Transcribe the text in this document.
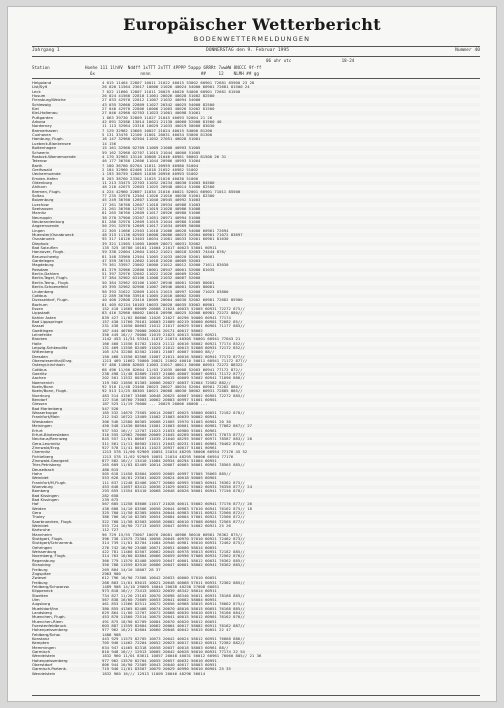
Europäischer Wetterbericht
BODENWETTERMELDUNGEN
Jahrgang 1	DONNERSTAG den 9. Februar 1995	Nummer 40
06 uhr utc                    18-24
Station              Hoehe 111 1lhVV  Nddff 1xTTT 2xTTT 4PPPP 5appp 6RRRt 7wwWW 8NCCC 9f-ff
6x                  nnnn                    ##     12    NLMH ## gg
Helgoland	4 015 11464 22807 10011 21022 40015 53002 60901 72681 85900 23 28
List/Sylt	26 020 11564 23017 10006 21026 40024 54000 60901 72681 81500 24
Leck	7 022 11660 12807 11011 20029 40026 54000 60901 72681 81500
Husum	26 024 41560 22810 11001 20026 40028 51002 82500
Flensburg/Weiche	27 033 42970 22812 11007 21032 40094 54000
Schleswig	43 035 32660 22809 11027 20342 40025 54000 82500
Kiel	27 046 42970 22806 10006 21003 40026 52002 81500
Kiel-Holtenau	27 046 42960 02703 11023 21001 40098 51001
Puttgarden	1 063 39730 32809 11027 21045 40093 52004 21 26
Arkona	42 091 32586 13014 10021 21130 40060 52000 81500 40
Norderney	11 113 32964 23316 10029 21033 40019 50000 83030
Bremerhaven	7 129 32962 13605 10027 21024 40015 54000 81200
Cuxhaven	5 131 33476 12106 11001 20031 40034 53000 81300
Hamburg, Flugh.	16 147 32960 02504 11032 27051 40028 51001
Luebeck-Blankensee	14 156
Boltenhagen	15 161 32960 02709 11009 21008 40993 51005
Schwerin	59 162 32960 02707 11015 21044 40000 51005
Rostock-Warnemuende	4 170 32963 13116 10008 21046 40981 50003 81500 26 31
Teterow	46 177 36760 12606 11044 20906 40993 51004
Barth	7 180 36760 02704 11011 20959 40980 51004
Greifswald	2 184 32960 02406 11018 21052 40982 51002
Ueckermuende	1 193 36759 12605 11036 20956 40993 51002
Emden-Hafen	8 203 38760 23302 11025 21028 40030 51000
Oldenburg	11 213 33475 22703 11032 20234 40030 51003 84500
Ahlhorn	48 216 42675 22603 11025 20948 40014 51000 82500
Bremen, Flugh.	4 224 42960 22607 11034 21016 40021 52001 60901 71011 85500
Soltau	77 235 32970 12504 11026 21016 40030 51001 82300
Boizenburg	45 249 36760 12607 11040 20945 40992 51003
Luechow	17 261 36760 12607 11018 20934 40988 51003
Seehausen	21 261 36760 12707 11019 21028 40986 51008
Marnitz	81 265 36760 12609 11017 20926 40980 51006
Neuruppin	38 270 37900 23207 11051 20971 40994 51000
Neubrandenburg	81 280 32970 12609 11019 21044 40980 51008
Angermuende	56 291 32970 12609 11017 21034 40989 50000
Lingen	22 305 11666 12503 11018 21006 40028 54000 60901 72694
Muenster/Osnabrueck	48 315 11136 62503 10008 20006 40023 52004 60901 71072 83697
Osnabrueck	95 317 18126 13403 10034 21001 40033 52001 60901 81630
Diepholz	39 321 11565 11005 10069 20071 40031 52002
Bad Salzuflen	135 325 16780 10101 11004 21017 40023 53001 60911
Hannover, Flugh.	59 338 22004 12604 11012 21021 40018 52003 74444 876/
Braunschweig	81 348 33960 12504 11005 21033 40020 52001 80001
Gardelegen	47 359 36743 12602 11018 21020 40009 52003
Magdeburg	79 361 33957 23002 10000 21012 40012 52000 71611 83030
Potsdam	81 379 32966 22806 10001 20947 40001 52000 81035
Berlin-Dahlem	51 397 32976 32602 11022 21026 40009 52002
Berlin-Tegel, Flugh.	37 384 32962 03106 11008 21032 40087 52000
Berlin-Temp., Flugh.	50 384 32962 03106 11007 20946 40001 52005 80001
Berlin-Schoenefeld	49 395 32962 02906 11007 20946 40001 52005 80001
Lindenberg	98 393 31622 32809 11015 21015 40997 52000 71023 83800
Cottbus	12 289 36760 33910 11005 21016 40002 52005
Duesseldorf, Flugh.	40 400 22808 23410 10009 20004 40030 52002 60981 72682 85900
Bochum	81 405 62134 10103 10033 20020 40035 53002 60901
Essen	152 410 11665 60009 20008 21024 40033 52005 60931 72272 875//
Lippstadt	83 416 32960 60002 10018 20996 40025 52008 60981 72272 880//
Kahler Asten	839 427 11/02 80606 11026 21027 40296 50000 60941 77174
Bad Lippspringe	157 430 11760 70101 10003 21009 40219 50000 60901 72682 85//
Kassel	231 438 11650 80603 11012 21017 40029 55001 60901 71177 885//
Goettingen	167 444 46760 70000 20024 20171 40017 58002
Leinefelde	356 449 18/// 70000 11019 21023 40013 58002 60921
Brocken	1142 453 11/51 93341 11072 21074 48305 50001 60941 77043 21
Halle	166 460 11556 81702 11024 21112 40016 58002 60921 77174 852//
Leipzig-Schkeuditz	131 469 11556 82409 11020 21012 40013 52008 60931 72172 852//
Wittenberg	105 474 32288 82502 11001 21007 40007 50000 88//
Dresden	150 468 11556 82506 11007 21011 40016 58002 60941 77172 877//
Oberwiesenthal/Erzg.	1213 469 11662 70000 20021 21002 40010 50011 60941 71172 877//
Ostergr-kirchhain	97 480 11860 82805 11003 21017 40011 50000 60951 72272 88322
Cottbus	68 496 11/60 82604 11/03 21035 40008 52003 60941 77172 872//
Goerlitz	238 498 11/48 82809 11037 21060 40007 50007 60951 71172 877//
Aachen	202 501 11532 80305 10016 20015 40009 53002 60941 71096 886//
Noervenich	119 502 11656 81303 10006 20027 40037 52004 72582 882//
Koeln/Bonn	92 510 11/48 23400 20023 20027 40034 52004 60901 72282 880//
Koeln/Bonn, Flugh.	92 513 11/25 80305 10021 20008 40030 50002 60931 72885 885//
Nuerburg	483 514 41567 33606 10048 20025 40007 56002 60901 72272 885//
Bendorf	127 516 16760 73003 10062 20003 40997 51001 60901
Giessen	187 525 11/19 70000 ... 20029 20006 40008 ...
Bad Marienberg	547 526
Wasserkuppe	185 532 14670 73505 10014 20007 40025 58000 60051 72182 878//
Frankfurt/Main	212 542 16722 13409 11002 21003 40039 50002 60941
Wiesbaden	306 546 12580 80305 10008 21005 19970 51003 60901 20 30
Meiningen	450 548 11430 80504 11001 21003 40001 56004 60981 77082 867// 27
Erfurt	937 552 16/// 12707 11023 21033 40980 55001 60961
Erfurt-Bindersleben	316 555 12962 70000 20009 21045 40289 56001 60971 77073 877//
Neuhaus/Rennweg	845 557 11/01 80607 11035 21040 48295 56007 60971 78587 883// 28
Gera-Leumnitz	311 561 11/11 80502 11011 21043 40231 51001 60961 70462 876//
Zinnwald/Erzg.	927 578 11/41 80101 11023 20937 40017 51001 60961
Chemnitz	1213 578 11/00 92909 10051 21034 48295 56006 60954 77176 45 52
Fichtelberg	1213 578 11/02 92909 10051 21034 48295 56006 60954 77176
Zinnwald-Georgenf.	877 582 16/// 13410 11084 20934 40294 51004 60951
Trier-Petrisberg	265 609 11/03 82409 10014 20007 40065 56001 60901 78565 885//
Deuselbach	480 615
Hahn	505 618 11450 82604 10059 20005 40997 57005 76065 885//
Weinbiet	553 626 16/01 23501 10025 20024 40018 50005 60901
Frankfurt/M,Flugh.	111 637 11248 82406 10077 20060 40995 55003 60941 76362 875//
Wuerzburg	453 648 11657 83412 10036 21029 40032 55002 60931 76356 877// 24
Bamberg	293 655 11354 83410 10068 20048 40026 56001 60941 77156 878//
Bad Kissingen	282 658
Bad Kissingen	239 675
Hof	567 685 11258 83606 11017 21028 40011 55002 60941 77176 877// 26
Weiden	438 688 14/10 83506 10058 20044 40983 57010 60941 76162 875// 18
Gera	325 700 11/50 82305 10054 20044 40983 53011 60921 72566 872//
Tholey	386 706 16/10 82305 10054 20004 40004 57001 60921 72566 872//
Saarbruecken, Flugh.	322 708 11/58 82503 10058 20002 40010 57008 60901 72565 877//
Weinbiet	553 724 16/90 72713 10055 20047 40994 54002 60921 25 26
Karlsruhe	112 727
Mannheim	96 729 15/55 73007 10076 20081 40986 56010 60981 76362 875//
Stuttgart, Flugh.	396 738 11575 72304 10058 20045 40970 57010 60921 72462 873//
Stuttgart/Schnarrenb.	314 739 11/01 82704 11084 20946 40981 56010 60931 72462 875//
Oehringen	276 742 16/90 23408 10071 20051 40000 58014 60051
Weissenburg	422 781 11460 82507 10062 20045 40978 56013 60951 72182 885//
Nuernberg, Flugh.	314 763 16/00 82804 10066 20059 40996 57008 60931 72562 876//
Regensburg	366 779 11570 82408 10059 20047 40001 58012 60031 76362 885//
Straubing	350 788 11559 82910 10086 20047 40001 58002 60941 76362 885//
Freiburg	269 804 14/10 18007 28 37
Zugspitze	2963 900
Zwiesel	612 796 16/90 72508 10042 20033 40000 57010 60051
Freiburg	268 803 11/01 83013 10021 20048 40068 57011 60931 72362 885//
Feldberg/Schwarzw.	1489 908 14/10 29009 10044 20038 48250 57008 60051
Klippeneck	973 818 16/// 72413 10032 20039 48342 58014 60911
Stoetten	734 827 11/20 23103 10070 20098 48346 56011 60931 78168 885//
Ulm	567 838 16/60 72609 10053 20041 40002 58004 60951
Augsburg	461 853 11566 82511 10072 20056 40968 58015 60911 76062 875//
Muehldorf/Inn	380 855 41365 82408 10074 20070 48016 58015 60051 76168 885//
Landsberg	629 864 11/00 12707 10072 20068 40030 56010 60911 76186 884//
Muenchen, Flugh.	453 870 11560 72514 10075 20041 40015 56012 60901 76162 876//
Muenchen-Riem	491 875 18/90 02709 10084 20070 40020 56012 60051
Fuerstenfeldbruck	603 887 11559 82604 10062 20064 40017 58002 60911 76162 887//
Hohenpeissenberg	977 962 16/21 82604 10060 20048 40042 56015 60051 22 47
Feldberg/Schw.	1486 908
Konstanz	443 929 11575 82705 10073 20042 40024 58012 60951 76068 886//
Kempten	705 946 11462 72204 10052 20023 40017 58012 60911 72382 882//
Memmingen	634 947 41465 82318 10058 20037 40018 58003 60961 88//
Garmisch	810 948 16/// 12913 10005 20042 40028 56010 60931 77174 22 54
Wendelstein	1832 960 11/01 83611 10057 20048 40031 56012 60961 76060 885// 21 36
Hohenpeissenberg	977 962 13570 82704 10055 20057 40032 56010 60951
Oberstdorf	806 944 16/90 72509 10043 20040 40017 58003 60951
Garmisch-Partenk.	719 946 11/01 83507 10079 20029 40990 56010 60901 25 35
Wendelstein	1832 960 16/// 12913 11009 20046 48296 56014
